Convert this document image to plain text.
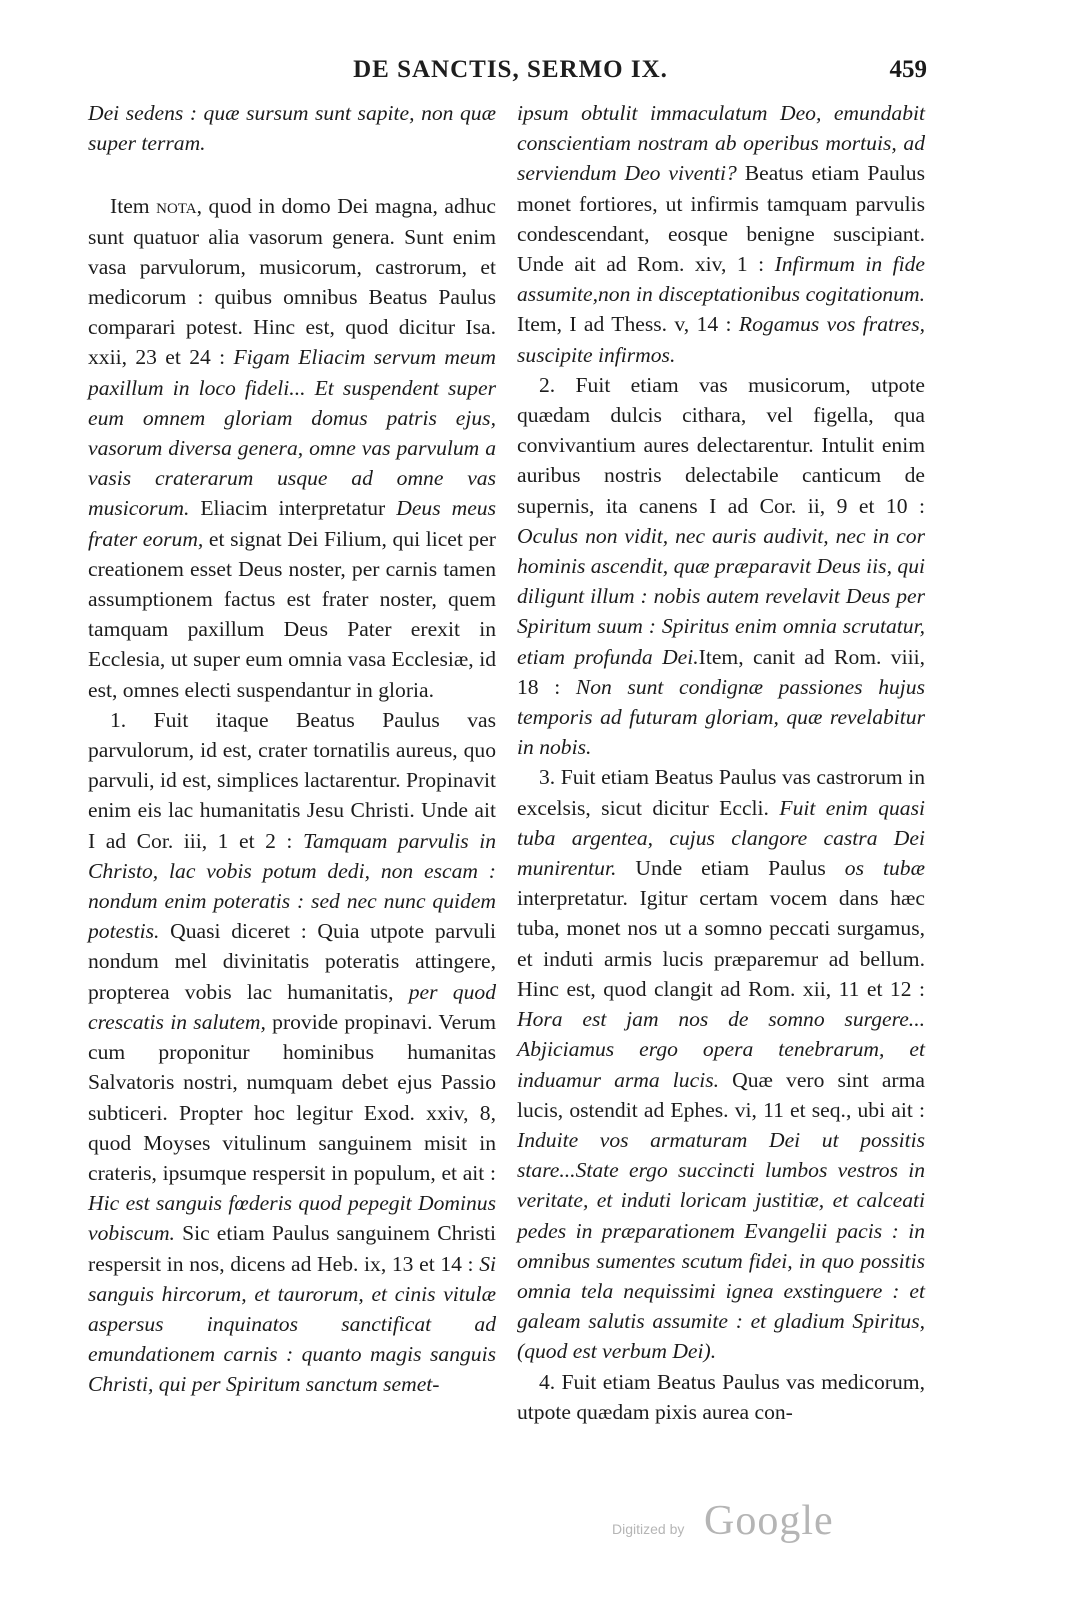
DE SANCTIS, SERMO IX.	459

Dei sedens : quæ sursum sunt sapite, non quæ super terram.

Item nota, quod in domo Dei magna, adhuc sunt quatuor alia vasorum genera. Sunt enim vasa parvulorum, musicorum, castrorum, et medicorum : quibus omnibus Beatus Paulus comparari potest. Hinc est, quod dicitur Isa. xxii, 23 et 24 : Figam Eliacim servum meum paxillum in loco fideli... Et suspendent super eum omnem gloriam domus patris ejus, vasorum diversa genera, omne vas parvulum a vasis craterarum usque ad omne vas musicorum. Eliacim interpretatur Deus meus frater eorum, et signat Dei Filium, qui licet per creationem esset Deus noster, per carnis tamen assumptionem factus est frater noster, quem tamquam paxillum Deus Pater erexit in Ecclesia, ut super eum omnia vasa Ecclesiæ, id est, omnes electi suspendantur in gloria.

1. Fuit itaque Beatus Paulus vas parvulorum, id est, crater tornatilis aureus, quo parvuli, id est, simplices lactarentur. Propinavit enim eis lac humanitatis Jesu Christi. Unde ait I ad Cor. iii, 1 et 2 : Tamquam parvulis in Christo, lac vobis potum dedi, non escam : nondum enim poteratis : sed nec nunc quidem potestis. Quasi diceret : Quia utpote parvuli nondum mel divinitatis poteratis attingere, propterea vobis lac humanitatis, per quod crescatis in salutem, provide propinavi. Verum cum proponitur hominibus humanitas Salvatoris nostri, numquam debet ejus Passio subticeri. Propter hoc legitur Exod. xxiv, 8, quod Moyses vitulinum sanguinem misit in crateris, ipsumque respersit in populum, et ait : Hic est sanguis fœderis quod pepegit Dominus vobiscum. Sic etiam Paulus sanguinem Christi respersit in nos, dicens ad Heb. ix, 13 et 14 : Si sanguis hircorum, et taurorum, et cinis vitulæ aspersus inquinatos sanctificat ad emundationem carnis : quanto magis sanguis Christi, qui per Spiritum sanctum semet-

ipsum obtulit immaculatum Deo, emundabit conscientiam nostram ab operibus mortuis, ad serviendum Deo viventi? Beatus etiam Paulus monet fortiores, ut infirmis tamquam parvulis condescendant, eosque benigne suscipiant. Unde ait ad Rom. xiv, 1 : Infirmum in fide assumite,non in disceptationibus cogitationum. Item, I ad Thess. v, 14 : Rogamus vos fratres, suscipite infirmos.

2. Fuit etiam vas musicorum, utpote quædam dulcis cithara, vel figella, qua convivantium aures delectarentur. Intulit enim auribus nostris delectabile canticum de supernis, ita canens I ad Cor. ii, 9 et 10 : Oculus non vidit, nec auris audivit, nec in cor hominis ascendit, quæ præparavit Deus iis, qui diligunt illum : nobis autem revelavit Deus per Spiritum suum : Spiritus enim omnia scrutatur, etiam profunda Dei.Item, canit ad Rom. viii, 18 : Non sunt condignæ passiones hujus temporis ad futuram gloriam, quæ revelabitur in nobis.

3. Fuit etiam Beatus Paulus vas castrorum in excelsis, sicut dicitur Eccli. Fuit enim quasi tuba argentea, cujus clangore castra Dei munirentur. Unde etiam Paulus os tubæ interpretatur. Igitur certam vocem dans hæc tuba, monet nos ut a somno peccati surgamus, et induti armis lucis præparemur ad bellum. Hinc est, quod clangit ad Rom. xii, 11 et 12 : Hora est jam nos de somno surgere... Abjiciamus ergo opera tenebrarum, et induamur arma lucis. Quæ vero sint arma lucis, ostendit ad Ephes. vi, 11 et seq., ubi ait : Induite vos armaturam Dei ut possitis stare...State ergo succincti lumbos vestros in veritate, et induti loricam justitiæ, et calceati pedes in præparationem Evangelii pacis : in omnibus sumentes scutum fidei, in quo possitis omnia tela nequissimi ignea exstinguere : et galeam salutis assumite : et gladium Spiritus, (quod est verbum Dei).

4. Fuit etiam Beatus Paulus vas medicorum, utpote quædam pixis aurea con-

Digitized by Google
